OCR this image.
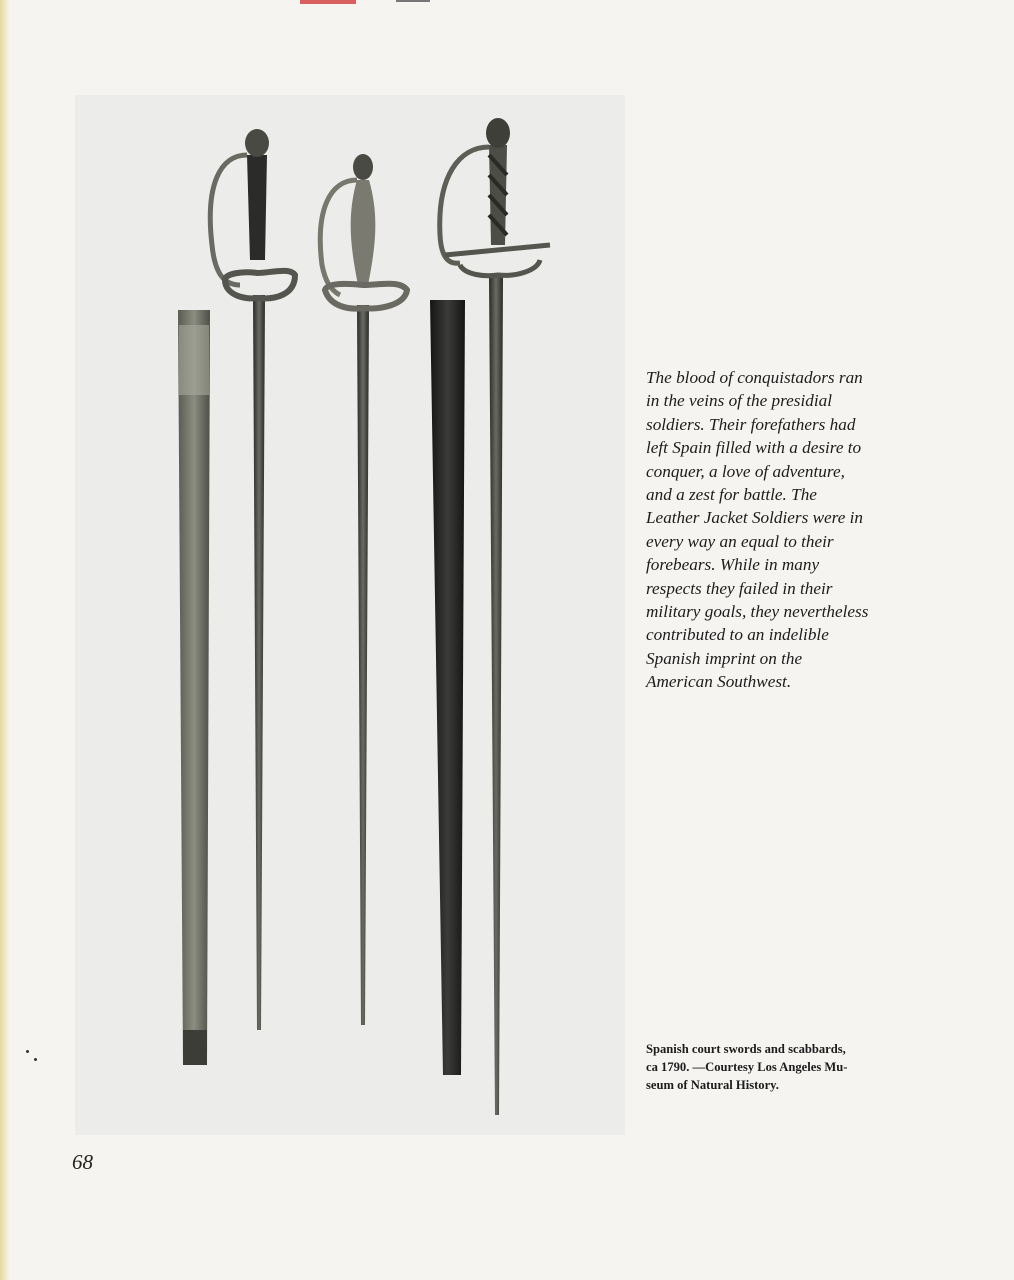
The blood of conquistadors ran
in the veins of the presidial
soldiers. Their forefathers had
left Spain filled with a desire to
conquer, a love of adventure,
and a zest for battle. The
Leather Jacket Soldiers were in
every way an equal to their
forebears. While in many
respects they failed in their
military goals, they nevertheless
contributed to an indelible
Spanish imprint on the
American Southwest.

Spanish court swords and scabbards,
ca 1790. —Courtesy Los Angeles Mu-
seum of Natural History.

68
